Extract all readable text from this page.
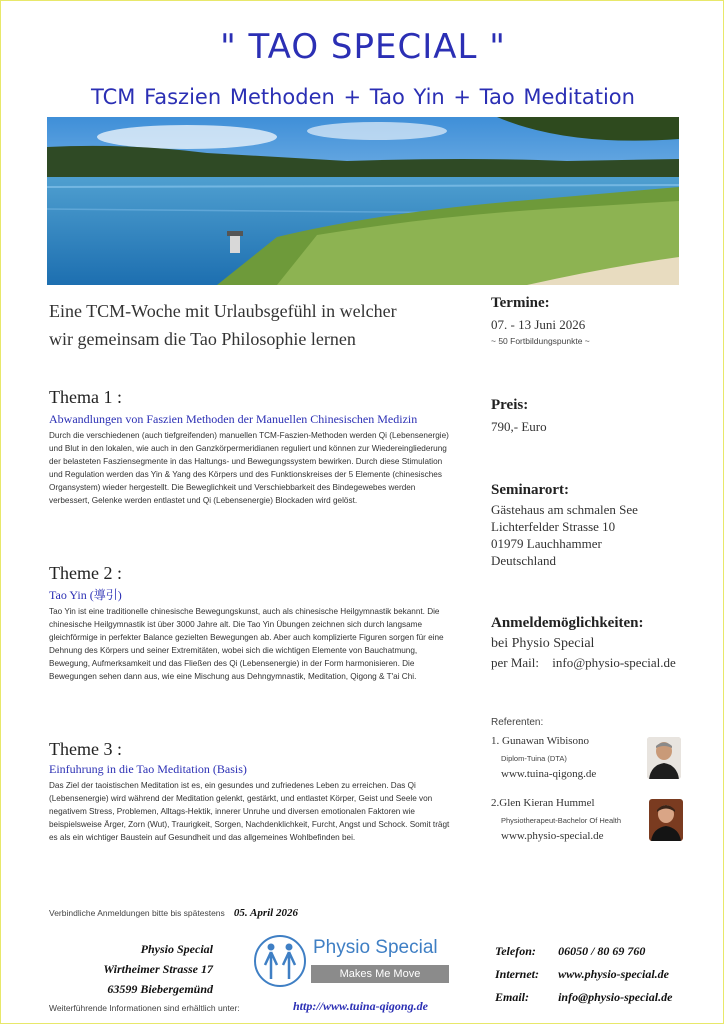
" TAO SPECIAL "
TCM Faszien Methoden + Tao Yin + Tao Meditation
Eine TCM-Woche mit Urlaubsgefühl in welcher
wir gemeinsam die Tao Philosophie lernen
Thema 1 :
Abwandlungen von Faszien Methoden der Manuellen Chinesischen Medizin
Durch die verschiedenen (auch tiefgreifenden) manuellen TCM-Faszien-Methoden werden Qi (Lebensenergie) und Blut in den lokalen, wie auch in den Ganzkörpermeridianen reguliert und können zur Wiedereingliederung der belasteten Fasziensegmente in das Haltungs- und Bewegungssystem bewirken. Durch diese Stimulation und Regulation werden das Yin & Yang des Körpers und des Funktionskreises der 5 Elemente (chinesisches Organsystem) wieder hergestellt. Die Beweglichkeit und Verschiebbarkeit des Bindegewebes werden verbessert, Gelenke werden entlastet und Qi (Lebensenergie) Blockaden wird gelöst.
Theme 2 :
Tao Yin (導引)
Tao Yin ist eine traditionelle chinesische Bewegungskunst, auch als chinesische Heilgymnastik bekannt. Die chinesische Heilgymnastik ist über 3000 Jahre alt. Die Tao Yin Übungen zeichnen sich durch langsame gleichförmige in perfekter Balance gezielten Bewegungen ab. Aber auch komplizierte Figuren sorgen für eine Dehnung des Körpers und seiner Extremitäten, wobei sich die wichtigen Elemente von Bauchatmung, Bewegung, Aufmerksamkeit und das Fließen des Qi (Lebensenergie) in der Form harmonisieren. Die Bewegungen sehen dann aus, wie eine Mischung aus Dehngymnastik, Meditation, Qigong & T'ai Chi.
Theme 3 :
Einfuhrung in die Tao Meditation (Basis)
Das Ziel der taoistischen Meditation ist es, ein gesundes und zufriedenes Leben zu erreichen. Das Qi (Lebensenergie) wird während der Meditation gelenkt, gestärkt, und entlastet Körper, Geist und Seele von negativem Stress, Problemen, Alltags-Hektik, innerer Unruhe und diversen emotionalen Faktoren wie beispielsweise Ärger, Zorn (Wut), Traurigkeit, Sorgen, Nachdenklichkeit, Furcht, Angst und Schock. Somit trägt es als ein wichtiger Baustein auf Gesundheit und das allgemeines Wohlbefinden bei.
Termine:
07. - 13 Juni 2026
~ 50 Fortbildungspunkte ~
Preis:
790,- Euro
Seminarort:
Gästehaus am schmalen See
Lichterfelder Strasse 10
01979 Lauchhammer
Deutschland
Anmeldemöglichkeiten:
bei Physio Special
per Mail: info@physio-special.de
Referenten:
1. Gunawan Wibisono
Diplom-Tuina (DTA)
www.tuina-qigong.de
2.Glen Kieran Hummel
Physiotherapeut-Bachelor Of Health
www.physio-special.de
Verbindliche Anmeldungen bitte bis spätestens 05. April 2026
Physio Special
Wirtheimer Strasse 17
63599 Biebergemünd
Physio Special
Makes Me Move
Telefon: 06050 / 80 69 760
Internet: www.physio-special.de
Email: info@physio-special.de
Weiterführende Informationen sind erhältlich unter:	http://www.tuina-qigong.de
